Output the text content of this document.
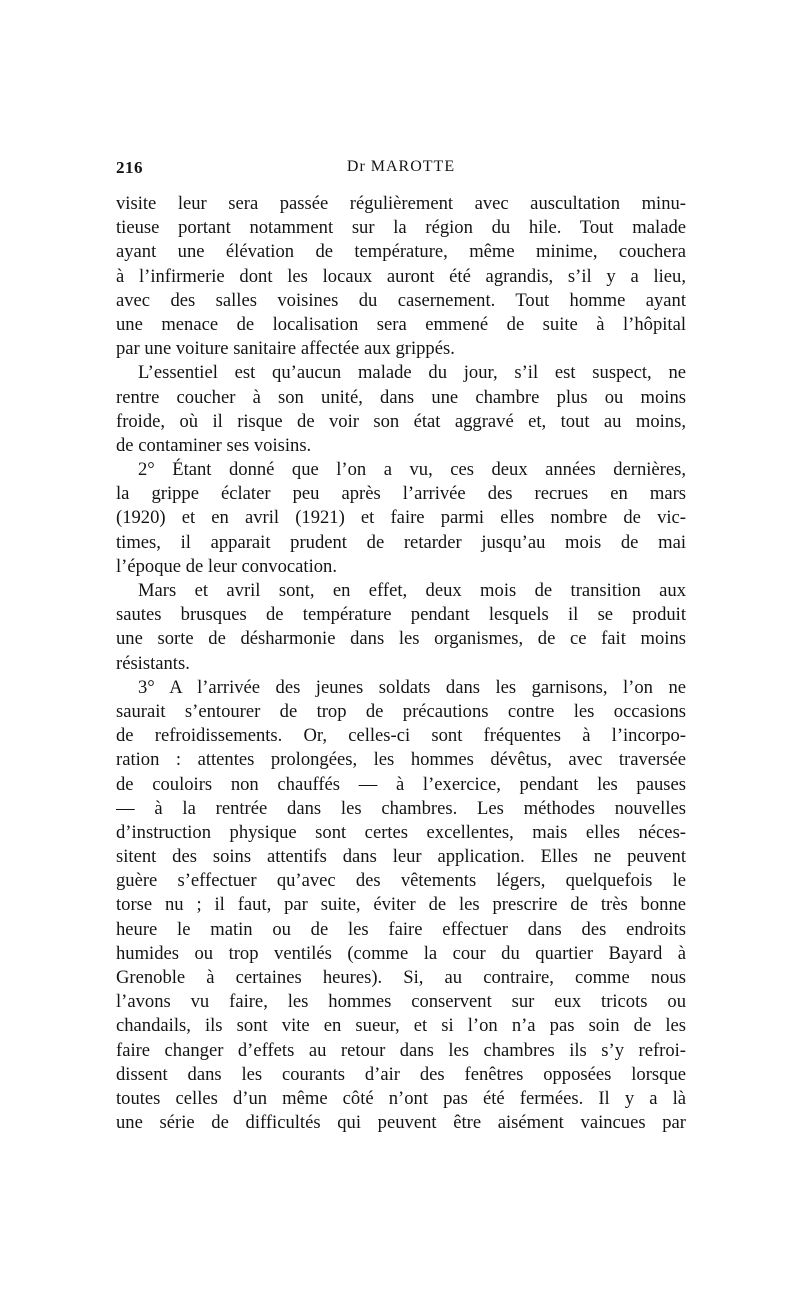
216	Dr MAROTTE
visite leur sera passée régulièrement avec auscultation minu-
tieuse portant notamment sur la région du hile. Tout malade
ayant une élévation de température, même minime, couchera
à l’infirmerie dont les locaux auront été agrandis, s’il y a lieu,
avec des salles voisines du casernement. Tout homme ayant
une menace de localisation sera emmené de suite à l’hôpital
par une voiture sanitaire affectée aux grippés.
L’essentiel est qu’aucun malade du jour, s’il est suspect, ne
rentre coucher à son unité, dans une chambre plus ou moins
froide, où il risque de voir son état aggravé et, tout au moins,
de contaminer ses voisins.
2° Étant donné que l’on a vu, ces deux années dernières,
la grippe éclater peu après l’arrivée des recrues en mars
(1920) et en avril (1921) et faire parmi elles nombre de vic-
times, il apparait prudent de retarder jusqu’au mois de mai
l’époque de leur convocation.
Mars et avril sont, en effet, deux mois de transition aux
sautes brusques de température pendant lesquels il se produit
une sorte de désharmonie dans les organismes, de ce fait moins
résistants.
3° A l’arrivée des jeunes soldats dans les garnisons, l’on ne
saurait s’entourer de trop de précautions contre les occasions
de refroidissements. Or, celles-ci sont fréquentes à l’incorpo-
ration : attentes prolongées, les hommes dévêtus, avec traversée
de couloirs non chauffés — à l’exercice, pendant les pauses
— à la rentrée dans les chambres. Les méthodes nouvelles
d’instruction physique sont certes excellentes, mais elles néces-
sitent des soins attentifs dans leur application. Elles ne peuvent
guère s’effectuer qu’avec des vêtements légers, quelquefois le
torse nu ; il faut, par suite, éviter de les prescrire de très bonne
heure le matin ou de les faire effectuer dans des endroits
humides ou trop ventilés (comme la cour du quartier Bayard à
Grenoble à certaines heures). Si, au contraire, comme nous
l’avons vu faire, les hommes conservent sur eux tricots ou
chandails, ils sont vite en sueur, et si l’on n’a pas soin de les
faire changer d’effets au retour dans les chambres ils s’y refroi-
dissent dans les courants d’air des fenêtres opposées lorsque
toutes celles d’un même côté n’ont pas été fermées. Il y a là
une série de difficultés qui peuvent être aisément vaincues par
